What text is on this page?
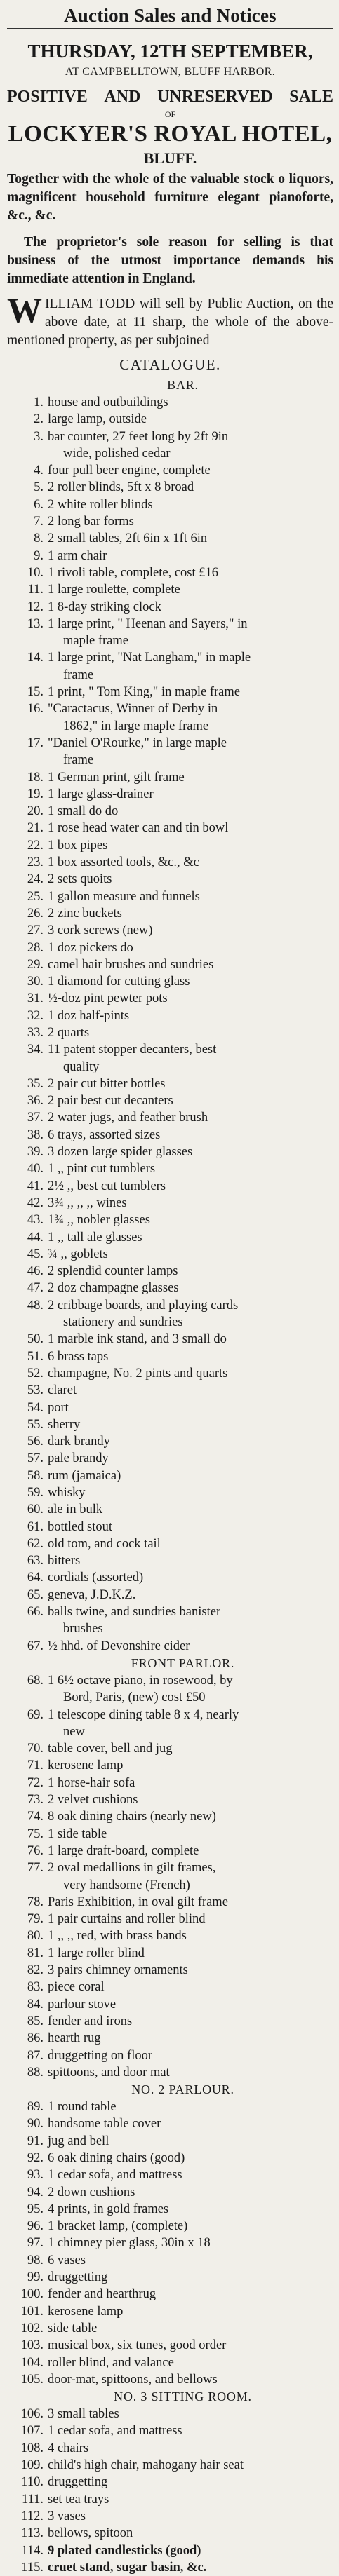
Auction Sales and Notices
THURSDAY, 12TH SEPTEMBER,
AT CAMPBELLTOWN, BLUFF HARBOR.
POSITIVE AND UNRESERVED SALE
OF
LOCKYER'S ROYAL HOTEL,
BLUFF.

Together with the whole of the valuable stock o liquors, magnificent household furniture elegant pianoforte, &c., &c.

The proprietor's sole reason for selling is that business of the utmost importance demands his immediate attention in England.

W ILLIAM TODD will sell by Public Auction, on the above date, at 11 sharp, the whole of the above-mentioned property, as per subjoined
CATALOGUE.
BAR.
1. house and outbuildings
2. large lamp, outside
3. bar counter, 27 feet long by 2ft 9in
wide, polished cedar
4. four pull beer engine, complete
5. 2 roller blinds, 5ft x 8 broad
6. 2 white roller blinds
7. 2 long bar forms
8. 2 small tables, 2ft 6in x 1ft 6in
9. 1 arm chair
10. 1 rivoli table, complete, cost £16
11. 1 large roulette, complete
12. 1 8-day striking clock
13. 1 large print, " Heenan and Sayers," in
maple frame
14. 1 large print, "Nat Langham," in maple
frame
15. 1 print, " Tom King," in maple frame
16. "Caractacus, Winner of Derby in
1862," in large maple frame
17. "Daniel O'Rourke," in large maple
frame
18. 1 German print, gilt frame
19. 1 large glass-drainer
20. 1 small do do
21. 1 rose head water can and tin bowl
22. 1 box pipes
23. 1 box assorted tools, &c., &c
24. 2 sets quoits
25. 1 gallon measure and funnels
26. 2 zinc buckets
27. 3 cork screws (new)
28. 1 doz pickers do
29. camel hair brushes and sundries
30. 1 diamond for cutting glass
31. ½-doz pint pewter pots
32. 1 doz half-pints
33. 2 quarts
34. 11 patent stopper decanters, best
quality
35. 2 pair cut bitter bottles
36. 2 pair best cut decanters
37. 2 water jugs, and feather brush
38. 6 trays, assorted sizes
39. 3 dozen large spider glasses
40. 1 ,, pint cut tumblers
41. 2½ ,, best cut tumblers
42. 3¾ ,, ,, ,, wines
43. 1¾ ,, nobler glasses
44. 1 ,, tall ale glasses
45. ¾ ,, goblets
46. 2 splendid counter lamps
47. 2 doz champagne glasses
48. 2 cribbage boards, and playing cards
stationery and sundries
50. 1 marble ink stand, and 3 small do
51. 6 brass taps
52. champagne, No. 2 pints and quarts
53. claret
54. port
55. sherry
56. dark brandy
57. pale brandy
58. rum (jamaica)
59. whisky
60. ale in bulk
61. bottled stout
62. old tom, and cock tail
63. bitters
64. cordials (assorted)
65. geneva, J.D.K.Z.
66. balls twine, and sundries banister
brushes
67. ½ hhd. of Devonshire cider
FRONT PARLOR.
68. 1 6½ octave piano, in rosewood, by
Bord, Paris, (new) cost £50
69. 1 telescope dining table 8 x 4, nearly
new
70. table cover, bell and jug
71. kerosene lamp
72. 1 horse-hair sofa
73. 2 velvet cushions
74. 8 oak dining chairs (nearly new)
75. 1 side table
76. 1 large draft-board, complete
77. 2 oval medallions in gilt frames,
very handsome (French)
78. Paris Exhibition, in oval gilt frame
79. 1 pair curtains and roller blind
80. 1 ,, ,, red, with brass bands
81. 1 large roller blind
82. 3 pairs chimney ornaments
83. piece coral
84. parlour stove
85. fender and irons
86. hearth rug
87. druggetting on floor
88. spittoons, and door mat
NO. 2 PARLOUR.
89. 1 round table
90. handsome table cover
91. jug and bell
92. 6 oak dining chairs (good)
93. 1 cedar sofa, and mattress
94. 2 down cushions
95. 4 prints, in gold frames
96. 1 bracket lamp, (complete)
97. 1 chimney pier glass, 30in x 18
98. 6 vases
99. druggetting
100. fender and hearthrug
101. kerosene lamp
102. side table
103. musical box, six tunes, good order
104. roller blind, and valance
105. door-mat, spittoons, and bellows
NO. 3 SITTING ROOM.
106. 3 small tables
107. 1 cedar sofa, and mattress
108. 4 chairs
109. child's high chair, mahogany hair seat
110. druggetting
111. set tea trays
112. 3 vases
113. bellows, spitoon
114. 9 plated candlesticks (good)
115. cruet stand, sugar basin, &c.
